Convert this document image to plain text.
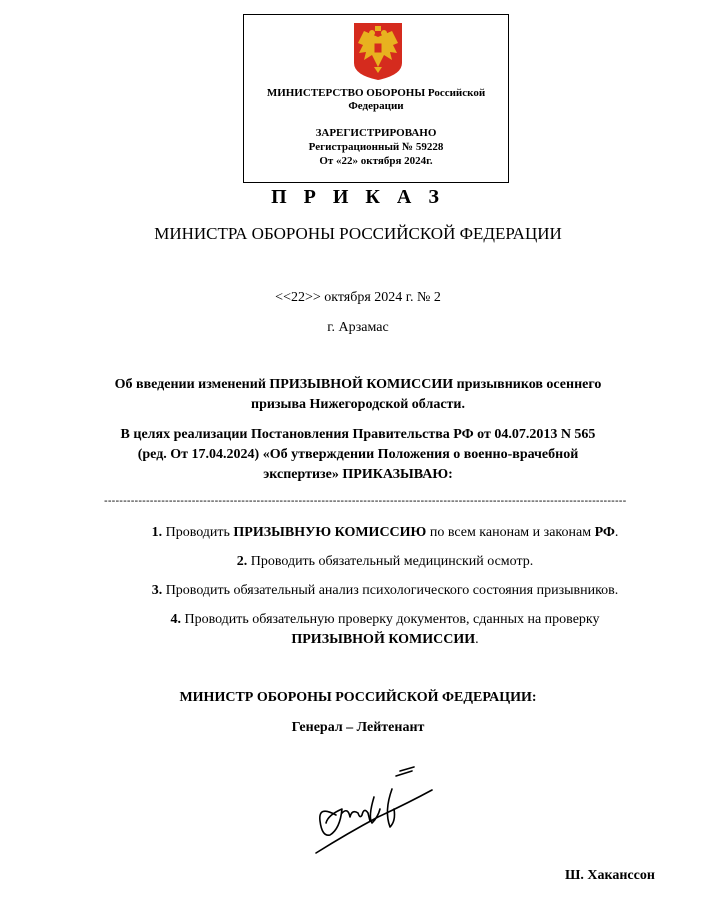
МИНИСТЕРСТВО ОБОРОНЫ Российской
Федерации
ЗАРЕГИСТРИРОВАНО
Регистрационный № 59228
От «22» октября 2024г.
П Р И К А З
МИНИСТРА ОБОРОНЫ РОССИЙСКОЙ ФЕДЕРАЦИИ
<<22>> октября 2024 г. № 2
г. Арзамас
Об введении изменений ПРИЗЫВНОЙ КОМИССИИ призывников осеннего
призыва Нижегородской области.
В целях реализации Постановления Правительства РФ от 04.07.2013 N 565
(ред. От 17.04.2024) «Об утверждении Положения о военно-врачебной
экспертизе» ПРИКАЗЫВАЮ:
-----------------------------------------------------------------------------------------------------------------------------------------
1. Проводить ПРИЗЫВНУЮ КОМИССИЮ по всем канонам и законам РФ.
2. Проводить обязательный медицинский осмотр.
3. Проводить обязательный анализ психологического состояния призывников.
4. Проводить обязательную проверку документов, сданных на проверку
ПРИЗЫВНОЙ КОМИССИИ.
МИНИСТР ОБОРОНЫ РОССИЙСКОЙ ФЕДЕРАЦИИ:
Генерал – Лейтенант
Ш. Хаканссон
